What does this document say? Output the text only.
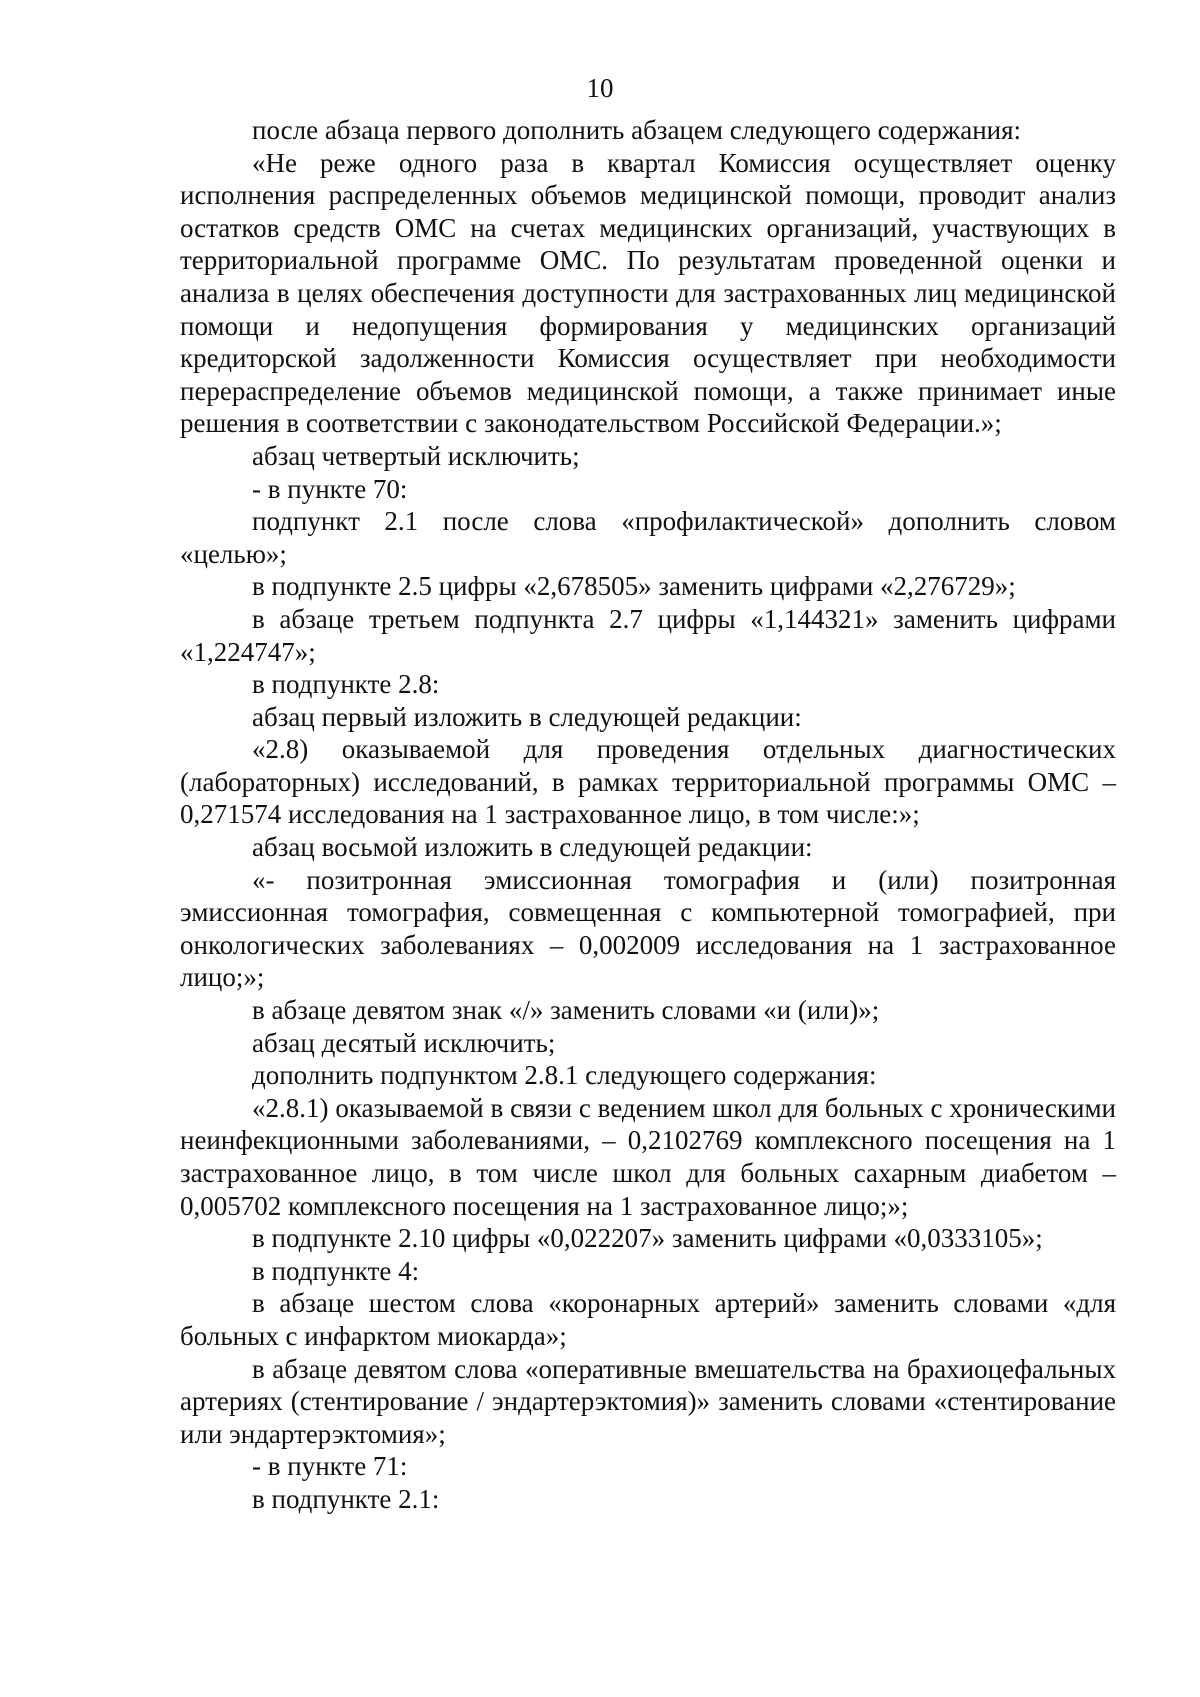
10

после абзаца первого дополнить абзацем следующего содержания:

«Не реже одного раза в квартал Комиссия осуществляет оценку исполнения распределенных объемов медицинской помощи, проводит анализ остатков средств ОМС на счетах медицинских организаций, участвующих в территориальной программе ОМС. По результатам проведенной оценки и анализа в целях обеспечения доступности для застрахованных лиц медицинской помощи и недопущения формирования у медицинских организаций кредиторской задолженности Комиссия осуществляет при необходимости перераспределение объемов медицинской помощи, а также принимает иные решения в соответствии с законодательством Российской Федерации.»;

абзац четвертый исключить;

- в пункте 70:

подпункт 2.1 после слова «профилактической» дополнить словом «целью»;

в подпункте 2.5 цифры «2,678505» заменить цифрами «2,276729»;

в абзаце третьем подпункта 2.7 цифры «1,144321» заменить цифрами «1,224747»;

в подпункте 2.8:

абзац первый изложить в следующей редакции:

«2.8) оказываемой для проведения отдельных диагностических (лабораторных) исследований, в рамках территориальной программы ОМС – 0,271574 исследования на 1 застрахованное лицо, в том числе:»;

абзац восьмой изложить в следующей редакции:

«- позитронная эмиссионная томография и (или) позитронная эмиссионная томография, совмещенная с компьютерной томографией, при онкологических заболеваниях – 0,002009 исследования на 1 застрахованное лицо;»;

в абзаце девятом знак «/» заменить словами «и (или)»;

абзац десятый исключить;

дополнить подпунктом 2.8.1 следующего содержания:

«2.8.1) оказываемой в связи с ведением школ для больных с хроническими неинфекционными заболеваниями, – 0,2102769 комплексного посещения на 1 застрахованное лицо, в том числе школ для больных сахарным диабетом – 0,005702 комплексного посещения на 1 застрахованное лицо;»;

в подпункте 2.10 цифры «0,022207» заменить цифрами «0,0333105»;

в подпункте 4:

в абзаце шестом слова «коронарных артерий» заменить словами «для больных с инфарктом миокарда»;

в абзаце девятом слова «оперативные вмешательства на брахиоцефальных артериях (стентирование / эндартерэктомия)» заменить словами «стентирование или эндартерэктомия»;

- в пункте 71:

в подпункте 2.1:
